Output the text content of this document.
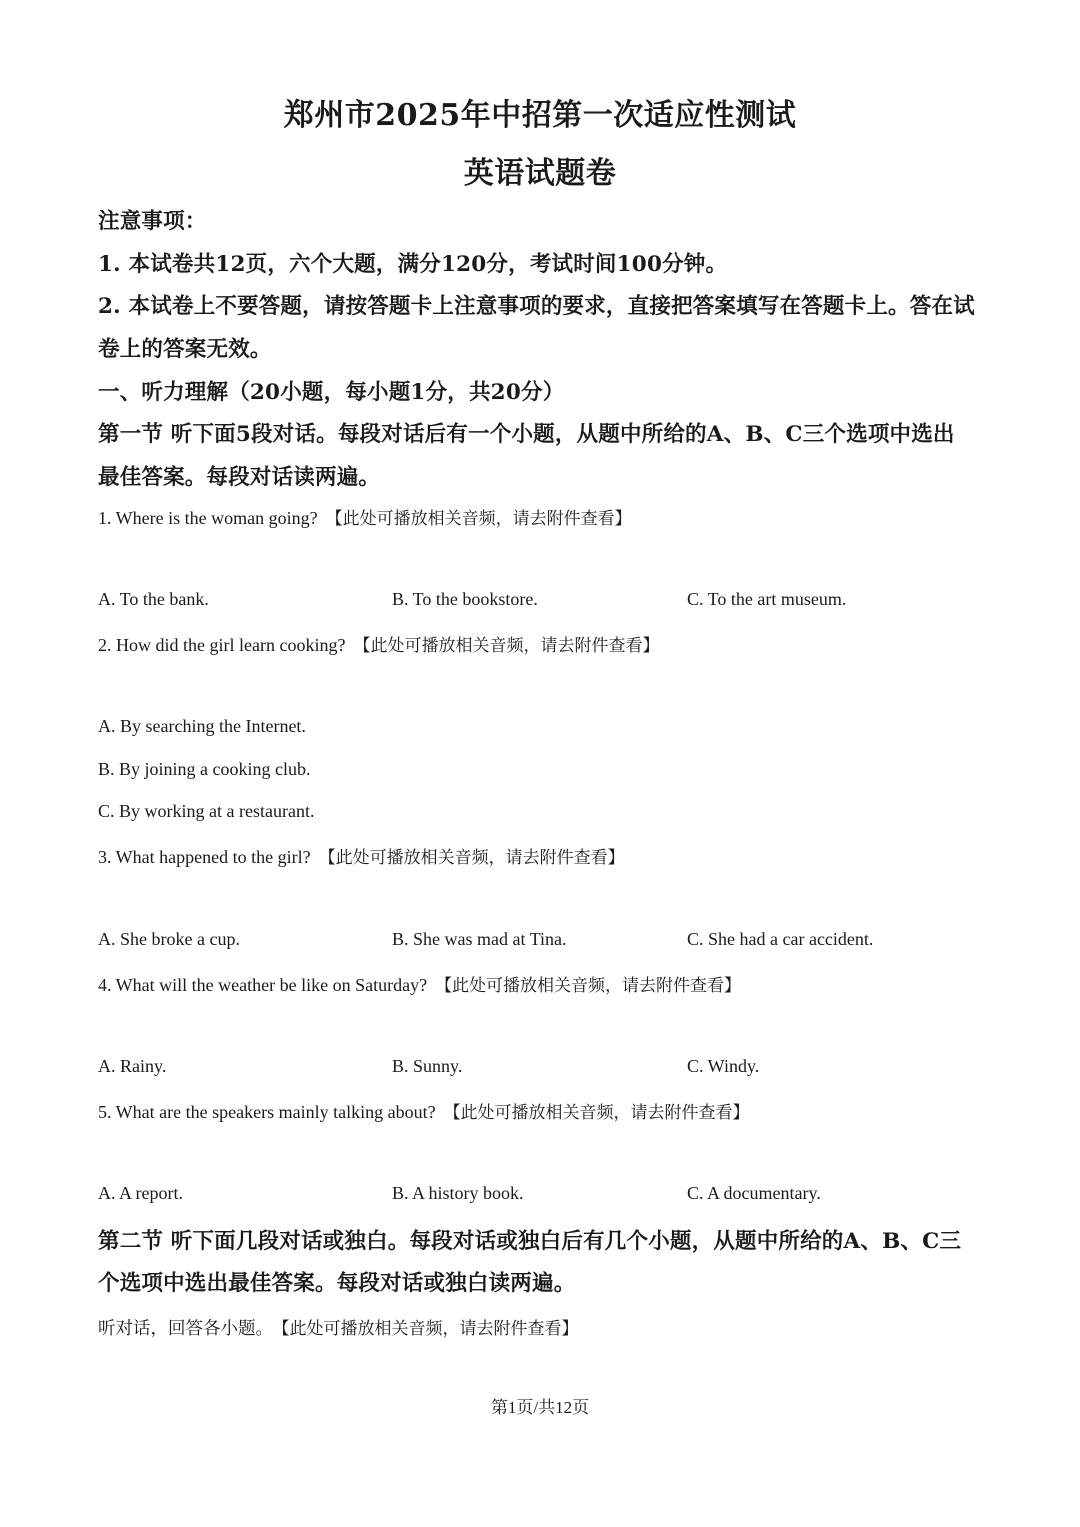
郑州市2025年中招第一次适应性测试
英语试题卷
注意事项：
1. 本试卷共12页，六个大题，满分120分，考试时间100分钟。
2. 本试卷上不要答题，请按答题卡上注意事项的要求，直接把答案填写在答题卡上。答在试
卷上的答案无效。
一、听力理解（20小题，每小题1分，共20分）
第一节 听下面5段对话。每段对话后有一个小题，从题中所给的A、B、C三个选项中选出
最佳答案。每段对话读两遍。
1. Where is the woman going? 【此处可播放相关音频，请去附件查看】
A. To the bank.	B. To the bookstore.	C. To the art museum.
2. How did the girl learn cooking? 【此处可播放相关音频，请去附件查看】
A. By searching the Internet.
B. By joining a cooking club.
C. By working at a restaurant.
3. What happened to the girl? 【此处可播放相关音频，请去附件查看】
A. She broke a cup.	B. She was mad at Tina.	C. She had a car accident.
4. What will the weather be like on Saturday? 【此处可播放相关音频，请去附件查看】
A. Rainy.	B. Sunny.	C. Windy.
5. What are the speakers mainly talking about? 【此处可播放相关音频，请去附件查看】
A. A report.	B. A history book.	C. A documentary.
第二节 听下面几段对话或独白。每段对话或独白后有几个小题，从题中所给的A、B、C三
个选项中选出最佳答案。每段对话或独白读两遍。
听对话，回答各小题。 【此处可播放相关音频，请去附件查看】
第1页/共12页
